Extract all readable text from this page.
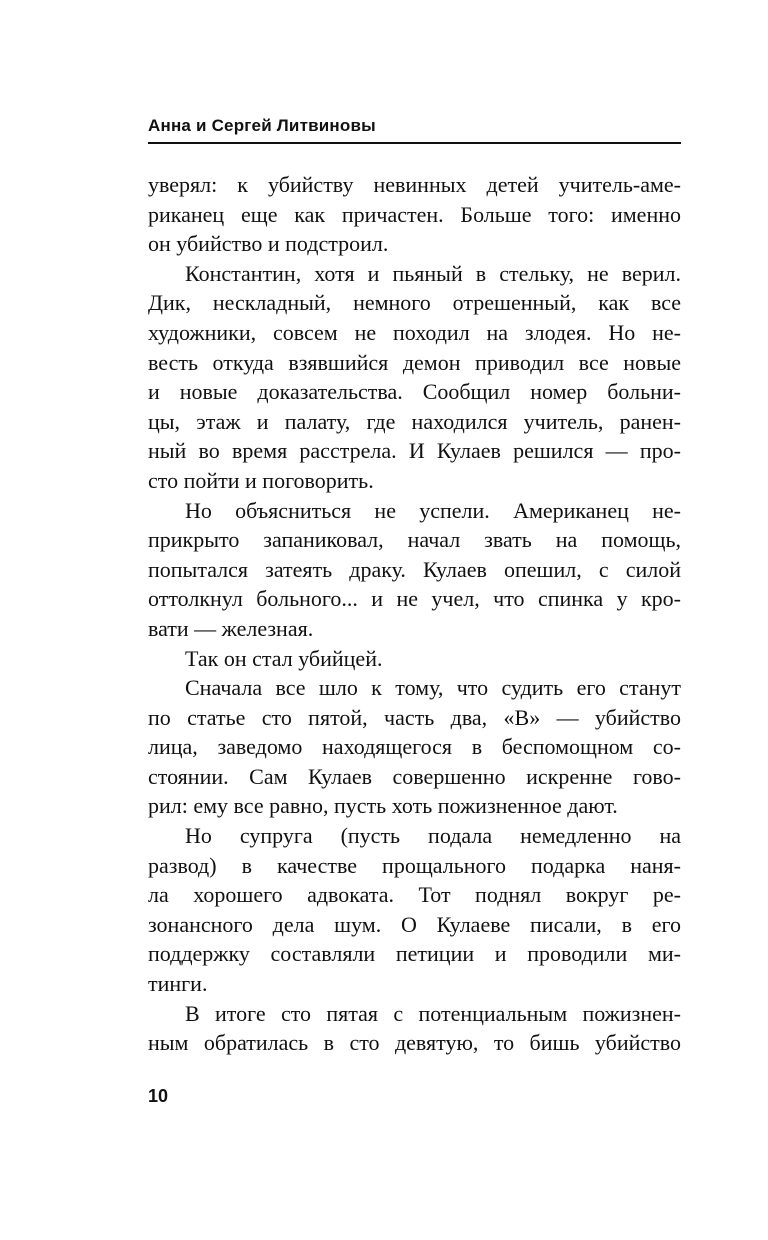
Анна и Сергей Литвиновы
уверял: к убийству невинных детей учитель-аме-
риканец еще как причастен. Больше того: именно
он убийство и подстроил.
Константин, хотя и пьяный в стельку, не верил.
Дик, нескладный, немного отрешенный, как все
художники, совсем не походил на злодея. Но не-
весть откуда взявшийся демон приводил все новые
и новые доказательства. Сообщил номер больни-
цы, этаж и палату, где находился учитель, ранен-
ный во время расстрела. И Кулаев решился — про-
сто пойти и поговорить.
Но объясниться не успели. Американец не-
прикрыто запаниковал, начал звать на помощь,
попытался затеять драку. Кулаев опешил, с силой
оттолкнул больного... и не учел, что спинка у кро-
вати — железная.
Так он стал убийцей.
Сначала все шло к тому, что судить его станут
по статье сто пятой, часть два, «В» — убийство
лица, заведомо находящегося в беспомощном со-
стоянии. Сам Кулаев совершенно искренне гово-
рил: ему все равно, пусть хоть пожизненное дают.
Но супруга (пусть подала немедленно на
развод) в качестве прощального подарка наня-
ла хорошего адвоката. Тот поднял вокруг ре-
зонансного дела шум. О Кулаеве писали, в его
поддержку составляли петиции и проводили ми-
тинги.
В итоге сто пятая с потенциальным пожизнен-
ным обратилась в сто девятую, то бишь убийство
10
